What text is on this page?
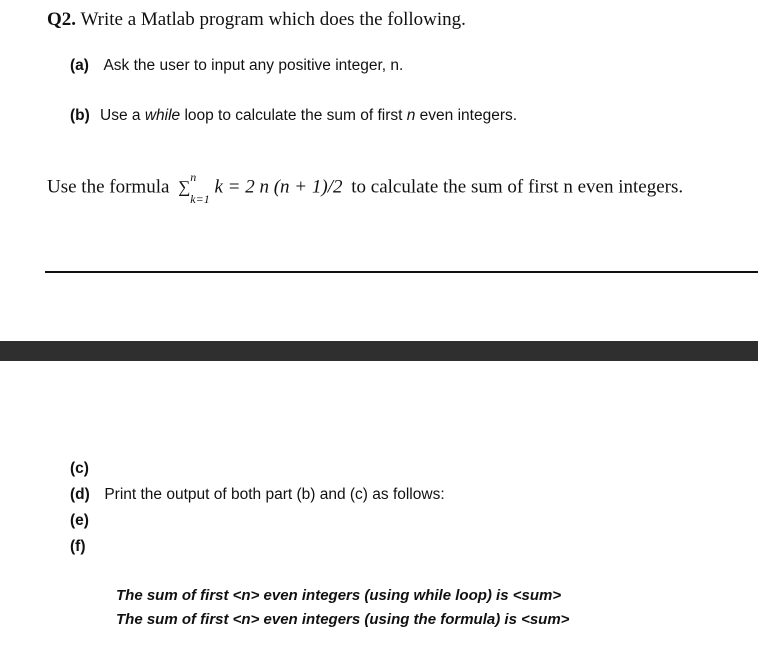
Q2. Write a Matlab program which does the following.
(a) Ask the user to input any positive integer, n.
(b) Use a while loop to calculate the sum of first n even integers.
Use the formula ∑$^n$
$_{k=1}$ k = 2 n (n + 1)/2 to calculate the sum of first n even integers.
(c)
(d) Print the output of both part (b) and (c) as follows:
(e)
(f)
The sum of first <n> even integers (using while loop) is <sum>
The sum of first <n> even integers (using the formula) is <sum>
